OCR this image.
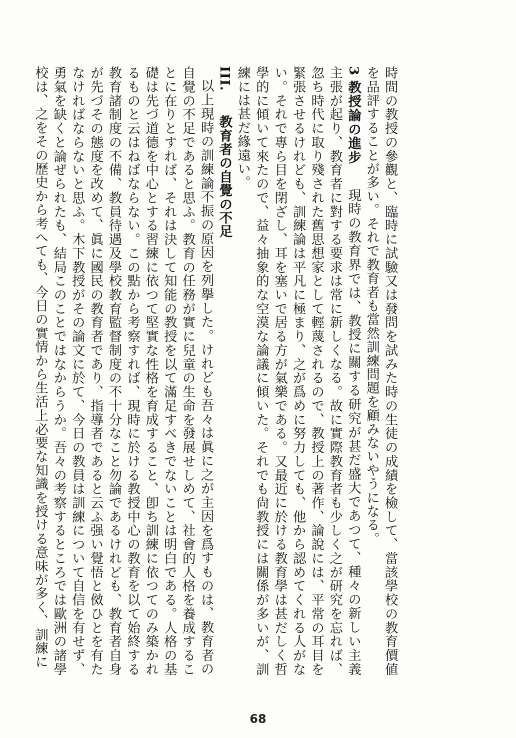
時間の教授の參觀と、臨時に試驗又は發問を試みた時の生徒の成績を檢して、當該學校の教育價値を品評することが多い。それで教育者も當然訓練問題を顧みないやうになる。

3 教授論の進步 　 現時の教育界では、教授に關する研究が甚だ盛大であつて、種々の新しい主義主張が起り、教育者に對する要求は常に新しくなる。故に實際教育者も少しく之が研究を忘れば、忽ち時代に取り殘された舊思想家として輕蔑されるので、教授上の著作、論說には、平常の耳目を緊張させるけれども、訓練論は平凡に極まり、之が爲めに努力しても、他から認めてくれる人がない。それで專ら目を閉ざし、耳を塞いで居る方が氣樂である。又最近に於ける教育學は甚だしく哲學的に傾いて來たので、益々抽象的な空漠な論議に傾いた。それでも尙教授には關係が多いが、訓練には甚だ緣遠い。

III. 　 教育者の自覺の不足

以上現時の訓練論不振の原因を列擧した。けれども吾々は眞に之が主因を爲すものは、教育者の自覺の不足であると思ふ。教育の任務が實に兒童の生命を發展せしめて、社會的人格を養成することに在りとすれば、それは決して知能の教授を以て滿足すべきでないことは明白である。人格の基礎は先づ道德を中心とする習練に依つて堅實な性格を育成すること、卽ち訓練に依つてのみ築かれるものと云はねばならない。この點から考察すれば、現時に於ける教授中心の教育を以て始終する教育諸制度の不備、教員待遇及學校教育監督制度の不十分なこと勿論であるけれども、教育者自身が先づその態度を改めて、眞に國民の教育者であり、指導者であると云ふ强い覺悟と傚ひとを有たなければならないと思ふ。木下教授がその論文に於て、今日の教員は訓練について自信を有せず、勇氣を缺くと論ぜられたも、結局このことではなからうか。吾々の考察するところでは歐洲の諸學校は、之をその歷史から考へても、今日の實情から生活上必要な知識を授ける意味が多く、訓練に

68
